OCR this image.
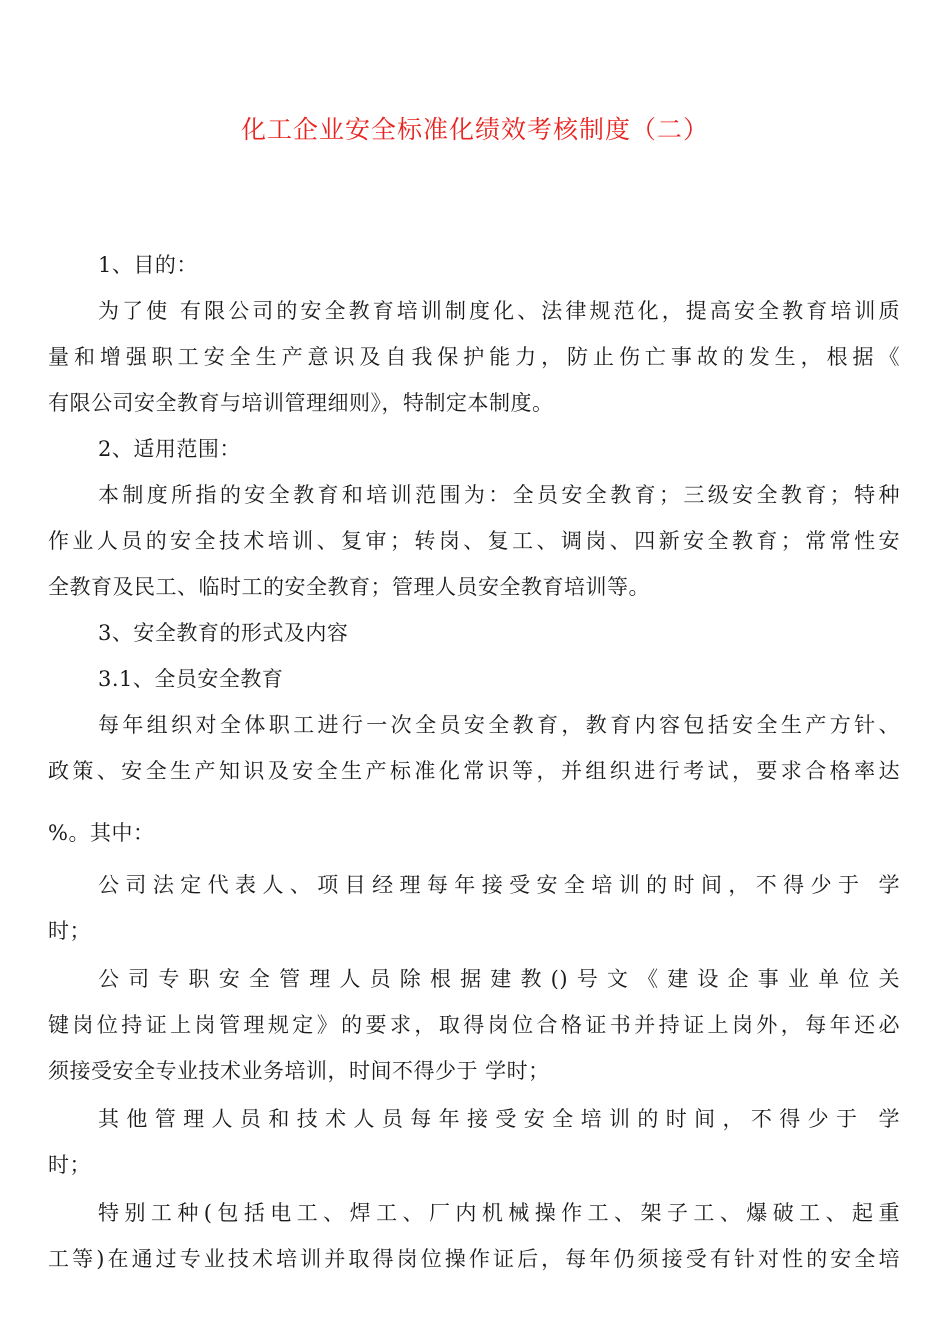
化工企业安全标准化绩效考核制度（二）
1、目的：
为了使 有限公司的安全教育培训制度化、法律规范化，提高安全教育培训质
量和增强职工安全生产意识及自我保护能力，防止伤亡事故的发生，根据《
有限公司安全教育与培训管理细则》，特制定本制度。
2、适用范围：
本制度所指的安全教育和培训范围为：全员安全教育；三级安全教育；特种
作业人员的安全技术培训、复审；转岗、复工、调岗、四新安全教育；常常性安
全教育及民工、临时工的安全教育；管理人员安全教育培训等。
3、安全教育的形式及内容
3.1、全员安全教育
每年组织对全体职工进行一次全员安全教育，教育内容包括安全生产方针、
政策、安全生产知识及安全生产标准化常识等，并组织进行考试，要求合格率达
%。其中：
公司法定代表人、项目经理每年接受安全培训的时间，不得少于 学
时；
公司专职安全管理人员除根据建教()号文《建设企事业单位关
键岗位持证上岗管理规定》的要求，取得岗位合格证书并持证上岗外，每年还必
须接受安全专业技术业务培训，时间不得少于 学时；
其他管理人员和技术人员每年接受安全培训的时间，不得少于 学
时；
特别工种(包括电工、焊工、厂内机械操作工、架子工、爆破工、起重
工等)在通过专业技术培训并取得岗位操作证后，每年仍须接受有针对性的安全培
